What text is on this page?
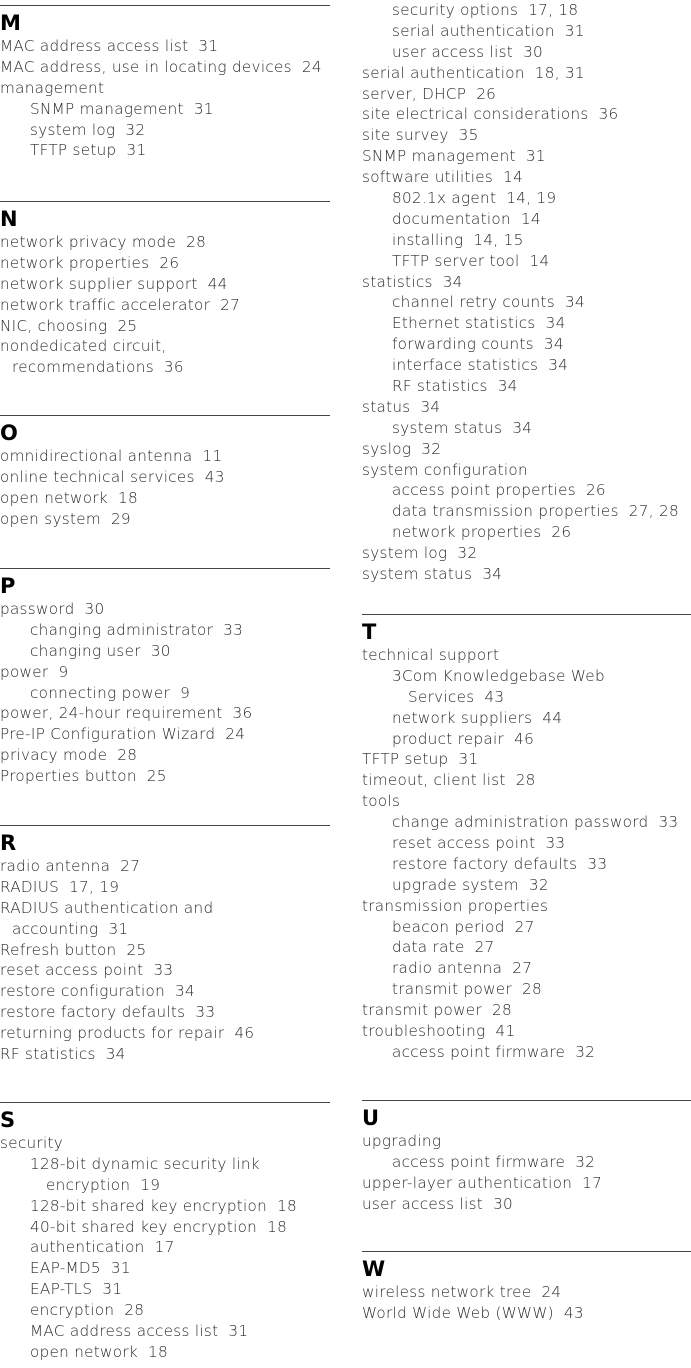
M
MAC address access list 31
MAC address, use in locating devices 24
management
SNMP management 31
system log 32
TFTP setup 31
N
network privacy mode 28
network properties 26
network supplier support 44
network traffic accelerator 27
NIC, choosing 25
nondedicated circuit,
recommendations 36
O
omnidirectional antenna 11
online technical services 43
open network 18
open system 29
P
password 30
changing administrator 33
changing user 30
power 9
connecting power 9
power, 24-hour requirement 36
Pre-IP Configuration Wizard 24
privacy mode 28
Properties button 25
R
radio antenna 27
RADIUS 17, 19
RADIUS authentication and
accounting 31
Refresh button 25
reset access point 33
restore configuration 34
restore factory defaults 33
returning products for repair 46
RF statistics 34
S
security
128-bit dynamic security link
encryption 19
128-bit shared key encryption 18
40-bit shared key encryption 18
authentication 17
EAP-MD5 31
EAP-TLS 31
encryption 28
MAC address access list 31
open network 18
security options 17, 18
serial authentication 31
user access list 30
serial authentication 18, 31
server, DHCP 26
site electrical considerations 36
site survey 35
SNMP management 31
software utilities 14
802.1x agent 14, 19
documentation 14
installing 14, 15
TFTP server tool 14
statistics 34
channel retry counts 34
Ethernet statistics 34
forwarding counts 34
interface statistics 34
RF statistics 34
status 34
system status 34
syslog 32
system configuration
access point properties 26
data transmission properties 27, 28
network properties 26
system log 32
system status 34
T
technical support
3Com Knowledgebase Web
Services 43
network suppliers 44
product repair 46
TFTP setup 31
timeout, client list 28
tools
change administration password 33
reset access point 33
restore factory defaults 33
upgrade system 32
transmission properties
beacon period 27
data rate 27
radio antenna 27
transmit power 28
transmit power 28
troubleshooting 41
access point firmware 32
U
upgrading
access point firmware 32
upper-layer authentication 17
user access list 30
W
wireless network tree 24
World Wide Web (WWW) 43
